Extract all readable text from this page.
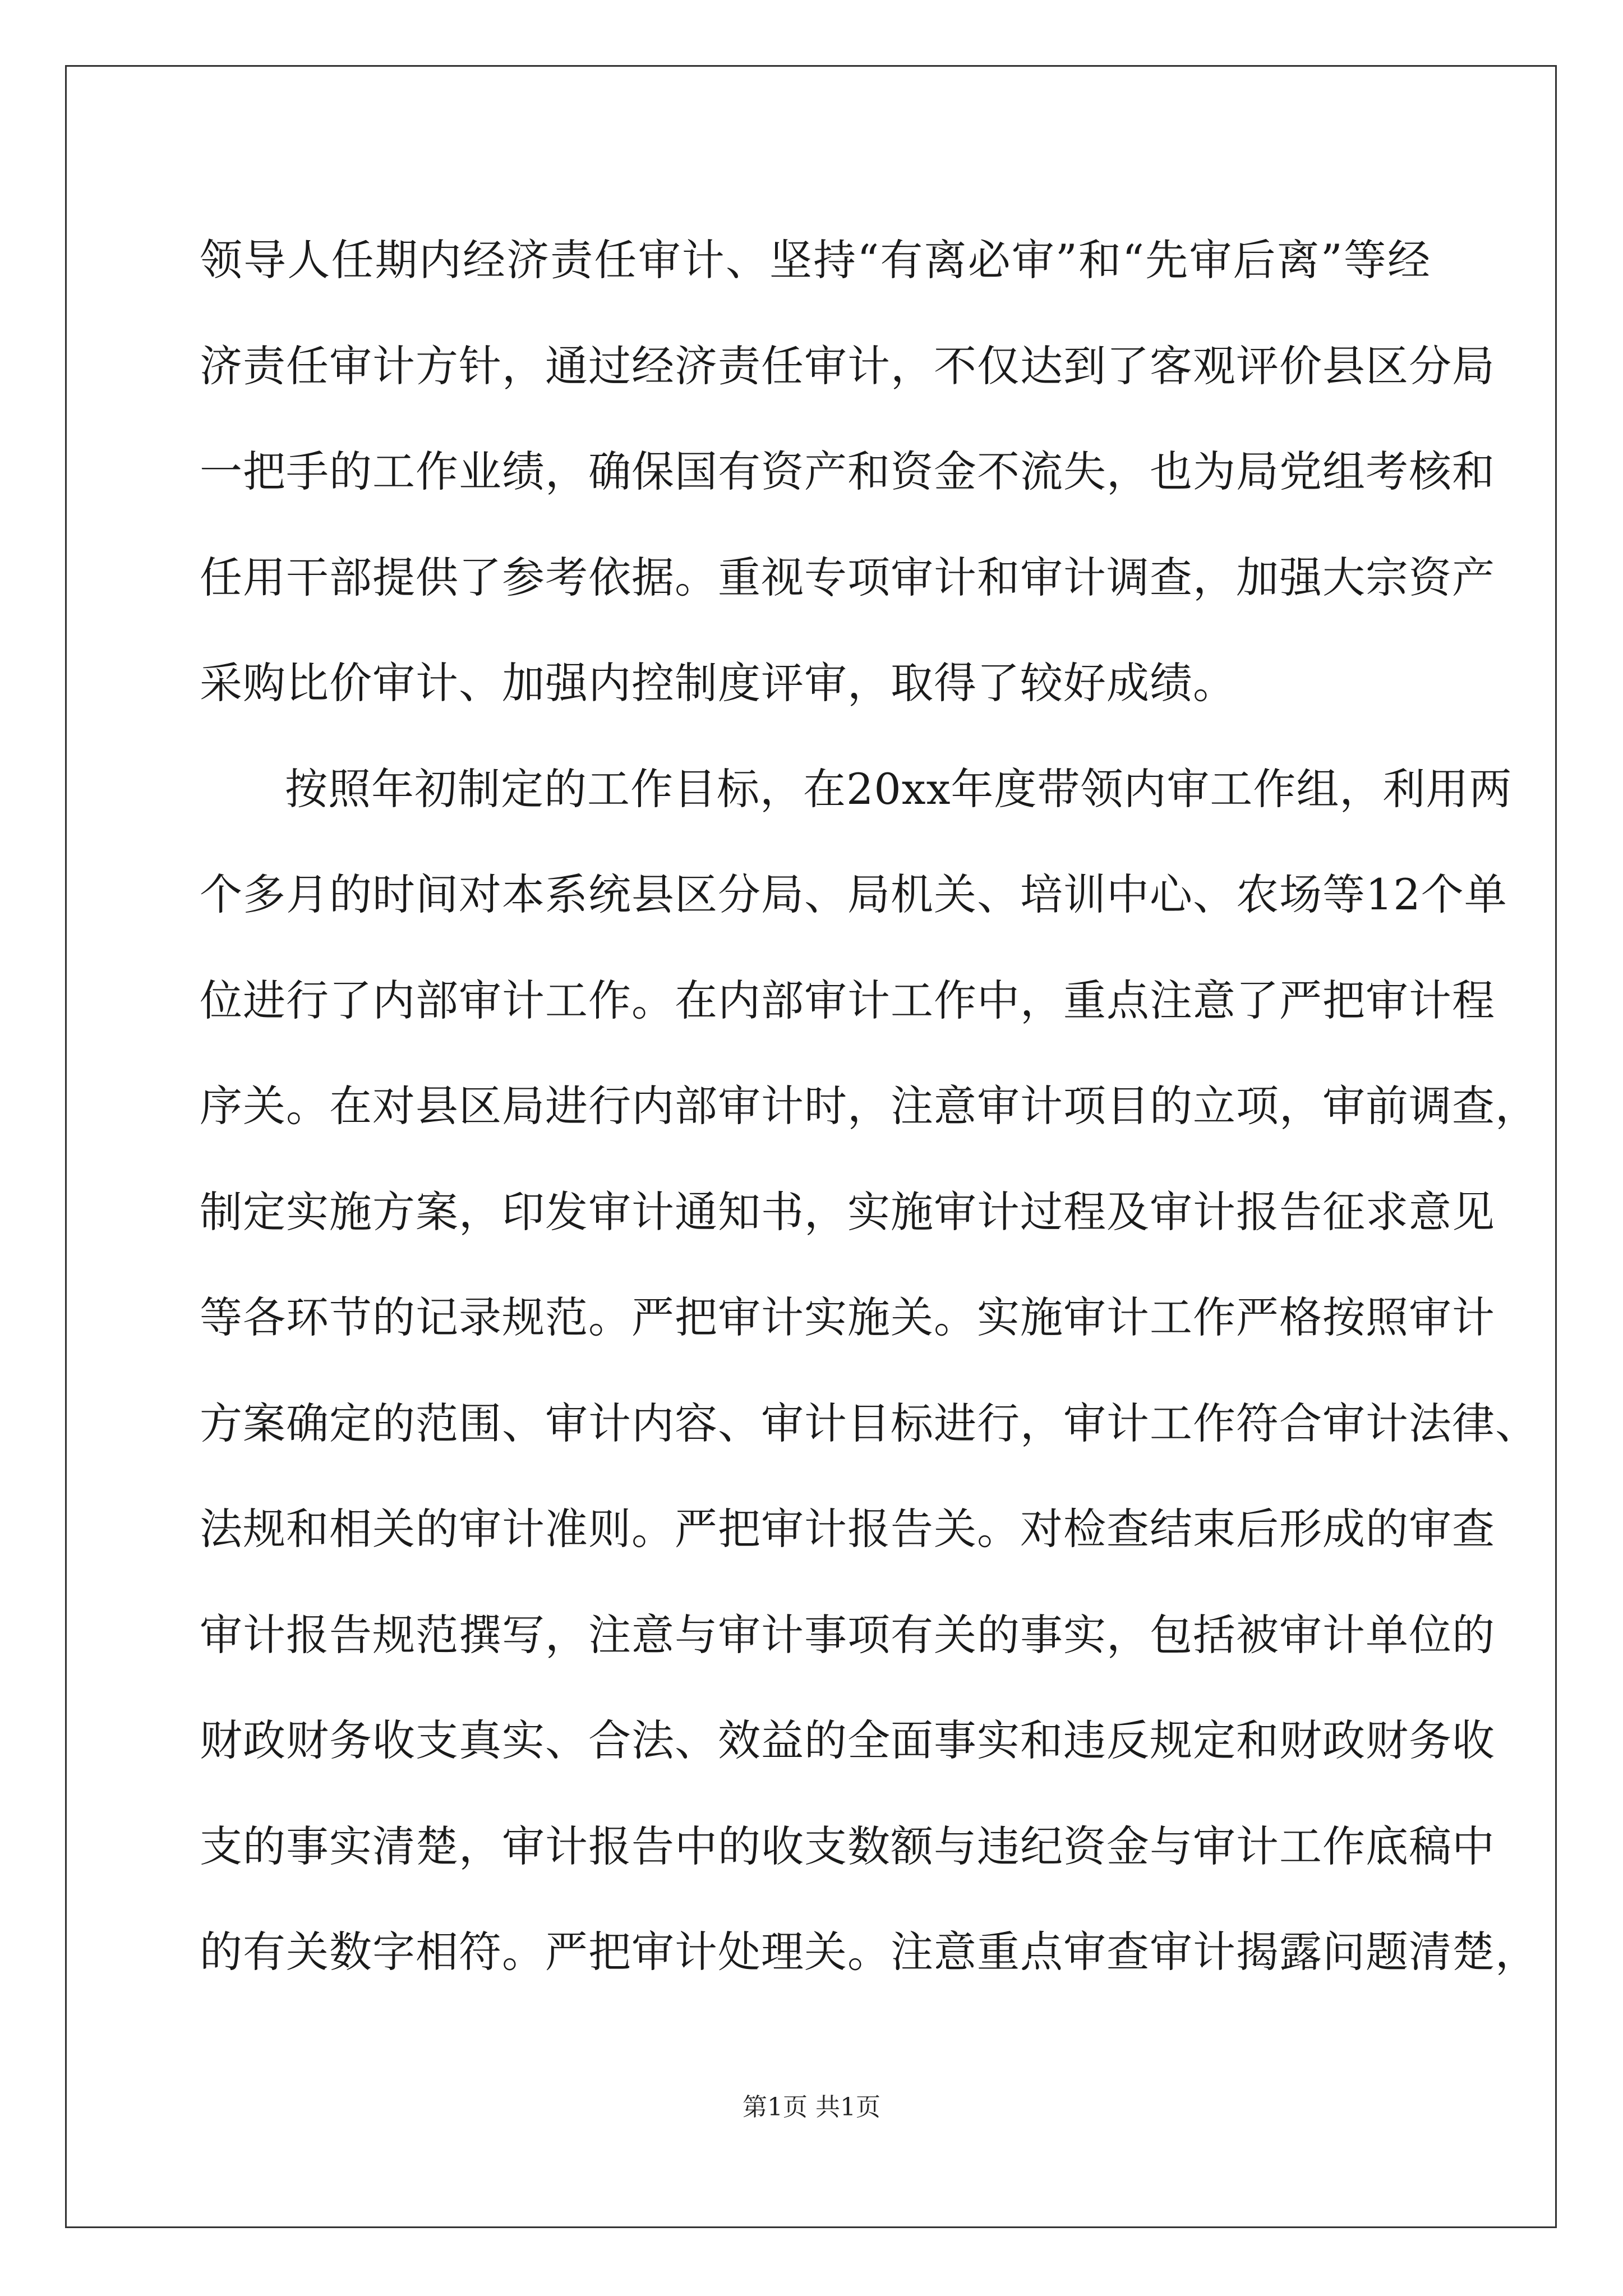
领导人任期内经济责任审计、坚持“有离必审”和“先审后离”等经
济责任审计方针，通过经济责任审计，不仅达到了客观评价县区分局
一把手的工作业绩，确保国有资产和资金不流失，也为局党组考核和
任用干部提供了参考依据。重视专项审计和审计调查，加强大宗资产
采购比价审计、加强内控制度评审，取得了较好成绩。
按照年初制定的工作目标，在20xx年度带领内审工作组，利用两
个多月的时间对本系统县区分局、局机关、培训中心、农场等12个单
位进行了内部审计工作。在内部审计工作中，重点注意了严把审计程
序关。在对县区局进行内部审计时，注意审计项目的立项，审前调查，
制定实施方案，印发审计通知书，实施审计过程及审计报告征求意见
等各环节的记录规范。严把审计实施关。实施审计工作严格按照审计
方案确定的范围、审计内容、审计目标进行，审计工作符合审计法律、
法规和相关的审计准则。严把审计报告关。对检查结束后形成的审查
审计报告规范撰写，注意与审计事项有关的事实，包括被审计单位的
财政财务收支真实、合法、效益的全面事实和违反规定和财政财务收
支的事实清楚，审计报告中的收支数额与违纪资金与审计工作底稿中
的有关数字相符。严把审计处理关。注意重点审查审计揭露问题清楚，
第1页 共1页
